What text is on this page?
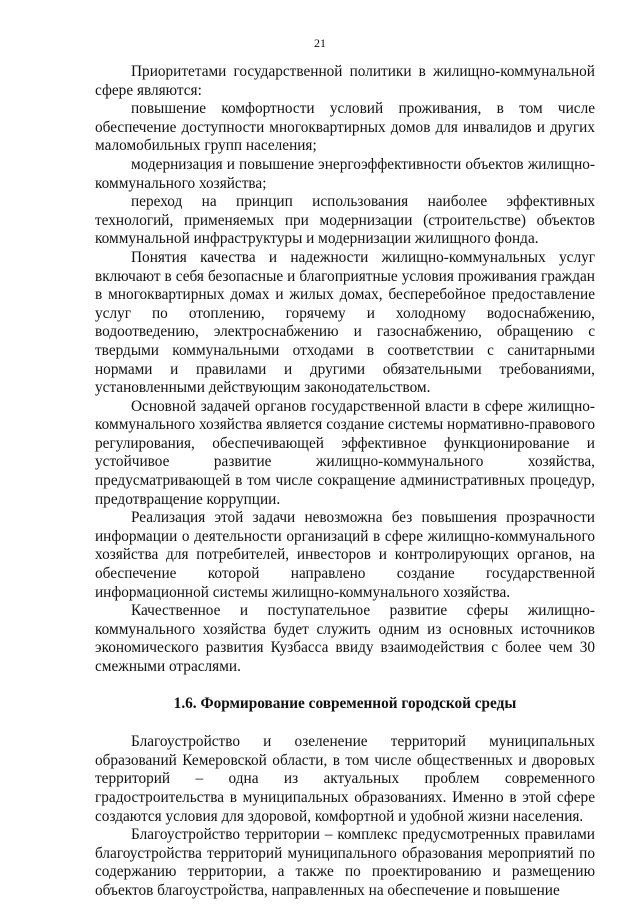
21

Приоритетами государственной политики в жилищно-коммунальной сфере являются:

повышение комфортности условий проживания, в том числе обеспечение доступности многоквартирных домов для инвалидов и других маломобильных групп населения;

модернизация и повышение энергоэффективности объектов жилищно-коммунального хозяйства;

переход на принцип использования наиболее эффективных технологий, применяемых при модернизации (строительстве) объектов коммунальной инфраструктуры и модернизации жилищного фонда.

Понятия качества и надежности жилищно-коммунальных услуг включают в себя безопасные и благоприятные условия проживания граждан в многоквартирных домах и жилых домах, бесперебойное предоставление услуг по отоплению, горячему и холодному водоснабжению, водоотведению, электроснабжению и газоснабжению, обращению с твердыми коммунальными отходами в соответствии с санитарными нормами и правилами и другими обязательными требованиями, установленными действующим законодательством.

Основной задачей органов государственной власти в сфере жилищно-коммунального хозяйства является создание системы нормативно-правового регулирования, обеспечивающей эффективное функционирование и устойчивое развитие жилищно-коммунального хозяйства, предусматривающей в том числе сокращение административных процедур, предотвращение коррупции.

Реализация этой задачи невозможна без повышения прозрачности информации о деятельности организаций в сфере жилищно-коммунального хозяйства для потребителей, инвесторов и контролирующих органов, на обеспечение которой направлено создание государственной информационной системы жилищно-коммунального хозяйства.

Качественное и поступательное развитие сферы жилищно-коммунального хозяйства будет служить одним из основных источников экономического развития Кузбасса ввиду взаимодействия с более чем 30 смежными отраслями.

1.6. Формирование современной городской среды

Благоустройство и озеленение территорий муниципальных образований Кемеровской области, в том числе общественных и дворовых территорий – одна из актуальных проблем современного градостроительства в муниципальных образованиях. Именно в этой сфере создаются условия для здоровой, комфортной и удобной жизни населения.

Благоустройство территории – комплекс предусмотренных правилами благоустройства территорий муниципального образования мероприятий по содержанию территории, а также по проектированию и размещению объектов благоустройства, направленных на обеспечение и повышение
